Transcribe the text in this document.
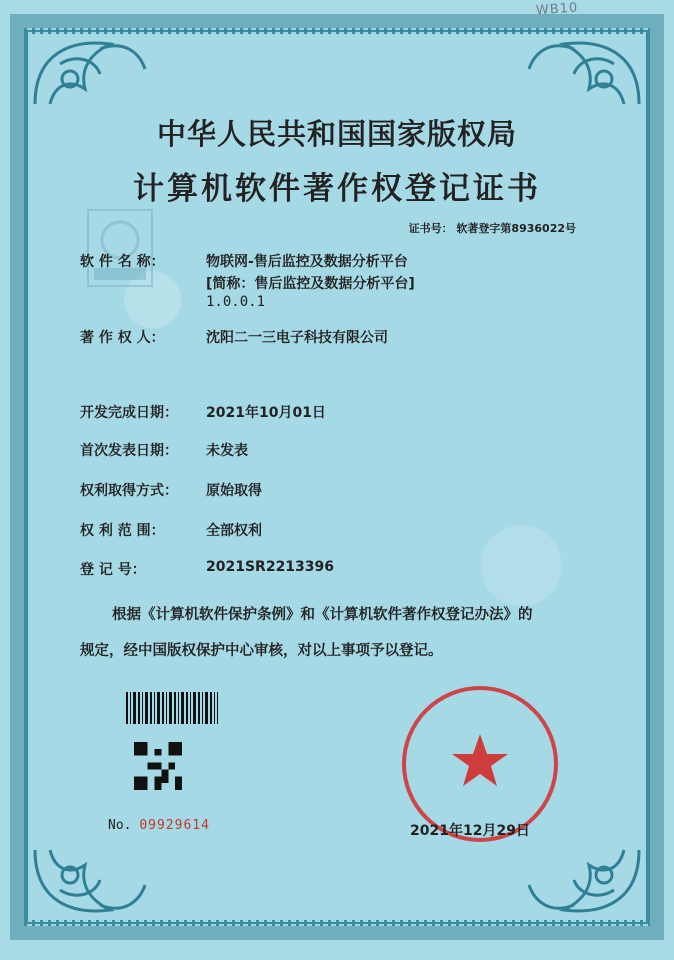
WB10
中华人民共和国国家版权局
计算机软件著作权登记证书
证书号： 软著登字第8936022号
软 件 名 称：	物联网-售后监控及数据分析平台
[简称：售后监控及数据分析平台]
1.0.0.1
著 作 权 人：	沈阳二一三电子科技有限公司
开发完成日期： 2021年10月01日
首次发表日期： 未发表
权利取得方式： 原始取得
权 利 范 围：	全部权利
登 记 号：	2021SR2213396
根据《计算机软件保护条例》和《计算机软件著作权登记办法》的
规定，经中国版权保护中心审核，对以上事项予以登记。
No. 09929614	2021年12月29日
